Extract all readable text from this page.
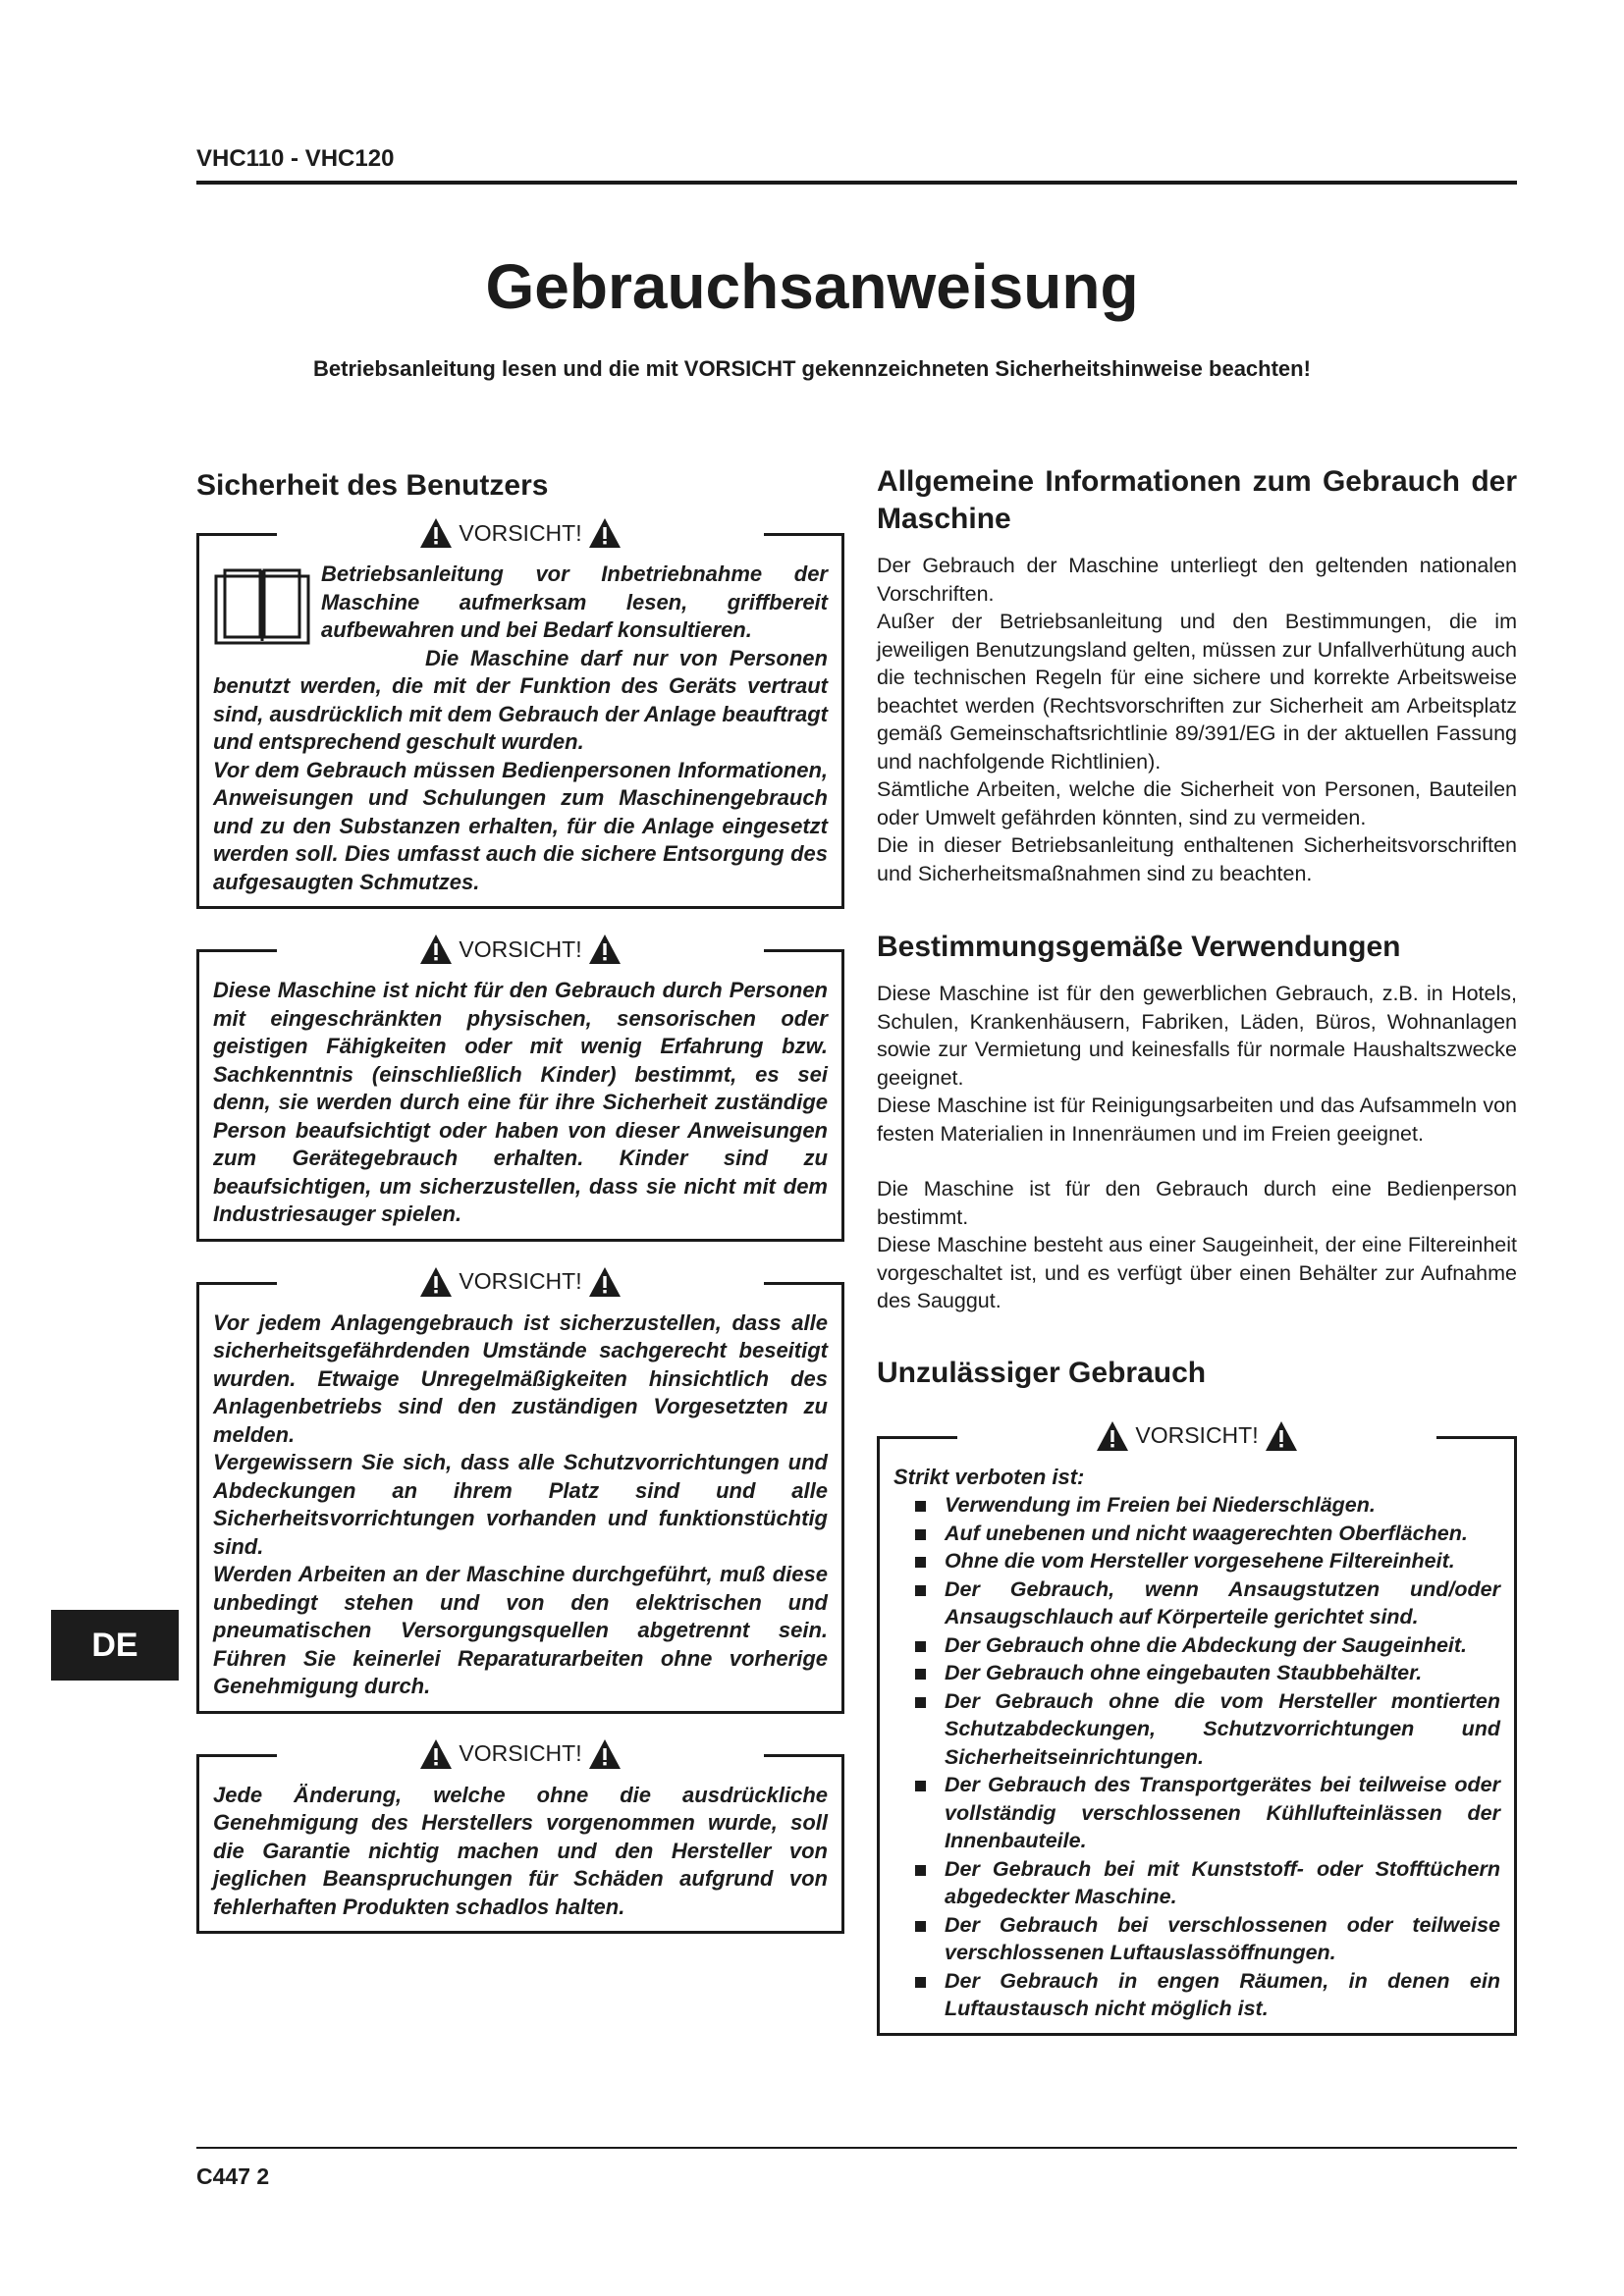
VHC110 - VHC120
Gebrauchsanweisung
Betriebsanleitung lesen und die mit VORSICHT gekennzeichneten Sicherheitshinweise beachten!
Sicherheit des Benutzers
VORSICHT!

Betriebsanleitung vor Inbetriebnahme der Maschine aufmerksam lesen, griffbereit aufbewahren und bei Bedarf konsultieren.

Die Maschine darf nur von Personen benutzt werden, die mit der Funktion des Geräts vertraut sind, ausdrücklich mit dem Gebrauch der Anlage beauftragt und entsprechend geschult wurden.

Vor dem Gebrauch müssen Bedienpersonen Informationen, Anweisungen und Schulungen zum Maschinengebrauch und zu den Substanzen erhalten, für die Anlage eingesetzt werden soll. Dies umfasst auch die sichere Entsorgung des aufgesaugten Schmutzes.

VORSICHT!

Diese Maschine ist nicht für den Gebrauch durch Personen mit eingeschränkten physischen, sensorischen oder geistigen Fähigkeiten oder mit wenig Erfahrung bzw. Sachkenntnis (einschließlich Kinder) bestimmt, es sei denn, sie werden durch eine für ihre Sicherheit zuständige Person beaufsichtigt oder haben von dieser Anweisungen zum Gerätegebrauch erhalten. Kinder sind zu beaufsichtigen, um sicherzustellen, dass sie nicht mit dem Industriesauger spielen.

VORSICHT!

Vor jedem Anlagengebrauch ist sicherzustellen, dass alle sicherheitsgefährdenden Umstände sachgerecht beseitigt wurden. Etwaige Unregelmäßigkeiten hinsichtlich des Anlagenbetriebs sind den zuständigen Vorgesetzten zu melden.

Vergewissern Sie sich, dass alle Schutzvorrichtungen und Abdeckungen an ihrem Platz sind und alle Sicherheitsvorrichtungen vorhanden und funktionstüchtig sind.

Werden Arbeiten an der Maschine durchgeführt, muß diese unbedingt stehen und von den elektrischen und pneumatischen Versorgungsquellen abgetrennt sein. Führen Sie keinerlei Reparaturarbeiten ohne vorherige Genehmigung durch.

VORSICHT!

Jede Änderung, welche ohne die ausdrückliche Genehmigung des Herstellers vorgenommen wurde, soll die Garantie nichtig machen und den Hersteller von jeglichen Beanspruchungen für Schäden aufgrund von fehlerhaften Produkten schadlos halten.

Allgemeine Informationen zum Gebrauch der Maschine

Der Gebrauch der Maschine unterliegt den geltenden nationalen Vorschriften.

Außer der Betriebsanleitung und den Bestimmungen, die im jeweiligen Benutzungsland gelten, müssen zur Unfallverhütung auch die technischen Regeln für eine sichere und korrekte Arbeitsweise beachtet werden (Rechtsvorschriften zur Sicherheit am Arbeitsplatz gemäß Gemeinschaftsrichtlinie 89/391/EG in der aktuellen Fassung und nachfolgende Richtlinien).

Sämtliche Arbeiten, welche die Sicherheit von Personen, Bauteilen oder Umwelt gefährden könnten, sind zu vermeiden.

Die in dieser Betriebsanleitung enthaltenen Sicherheitsvorschriften und Sicherheitsmaßnahmen sind zu beachten.

Bestimmungsgemäße Verwendungen

Diese Maschine ist für den gewerblichen Gebrauch, z.B. in Hotels, Schulen, Krankenhäusern, Fabriken, Läden, Büros, Wohnanlagen sowie zur Vermietung und keinesfalls für normale Haushaltszwecke geeignet.

Diese Maschine ist für Reinigungsarbeiten und das Aufsammeln von festen Materialien in Innenräumen und im Freien geeignet.

Die Maschine ist für den Gebrauch durch eine Bedienperson bestimmt.

Diese Maschine besteht aus einer Saugeinheit, der eine Filtereinheit vorgeschaltet ist, und es verfügt über einen Behälter zur Aufnahme des Sauggut.

Unzulässiger Gebrauch
VORSICHT!

Strikt verboten ist:

Verwendung im Freien bei Niederschlägen.
Auf unebenen und nicht waagerechten Oberflächen.
Ohne die vom Hersteller vorgesehene Filtereinheit.
Der Gebrauch, wenn Ansaugstutzen und/oder Ansaugschlauch auf Körperteile gerichtet sind.
Der Gebrauch ohne die Abdeckung der Saugeinheit.
Der Gebrauch ohne eingebauten Staubbehälter.
Der Gebrauch ohne die vom Hersteller montierten Schutzabdeckungen, Schutzvorrichtungen und Sicherheitseinrichtungen.
Der Gebrauch des Transportgerätes bei teilweise oder vollständig verschlossenen Kühllufteinlässen der Innenbauteile.
Der Gebrauch bei mit Kunststoff- oder Stofftüchern abgedeckter Maschine.
Der Gebrauch bei verschlossenen oder teilweise verschlossenen Luftauslassöffnungen.
Der Gebrauch in engen Räumen, in denen ein Luftaustausch nicht möglich ist.
DE
C447 2
